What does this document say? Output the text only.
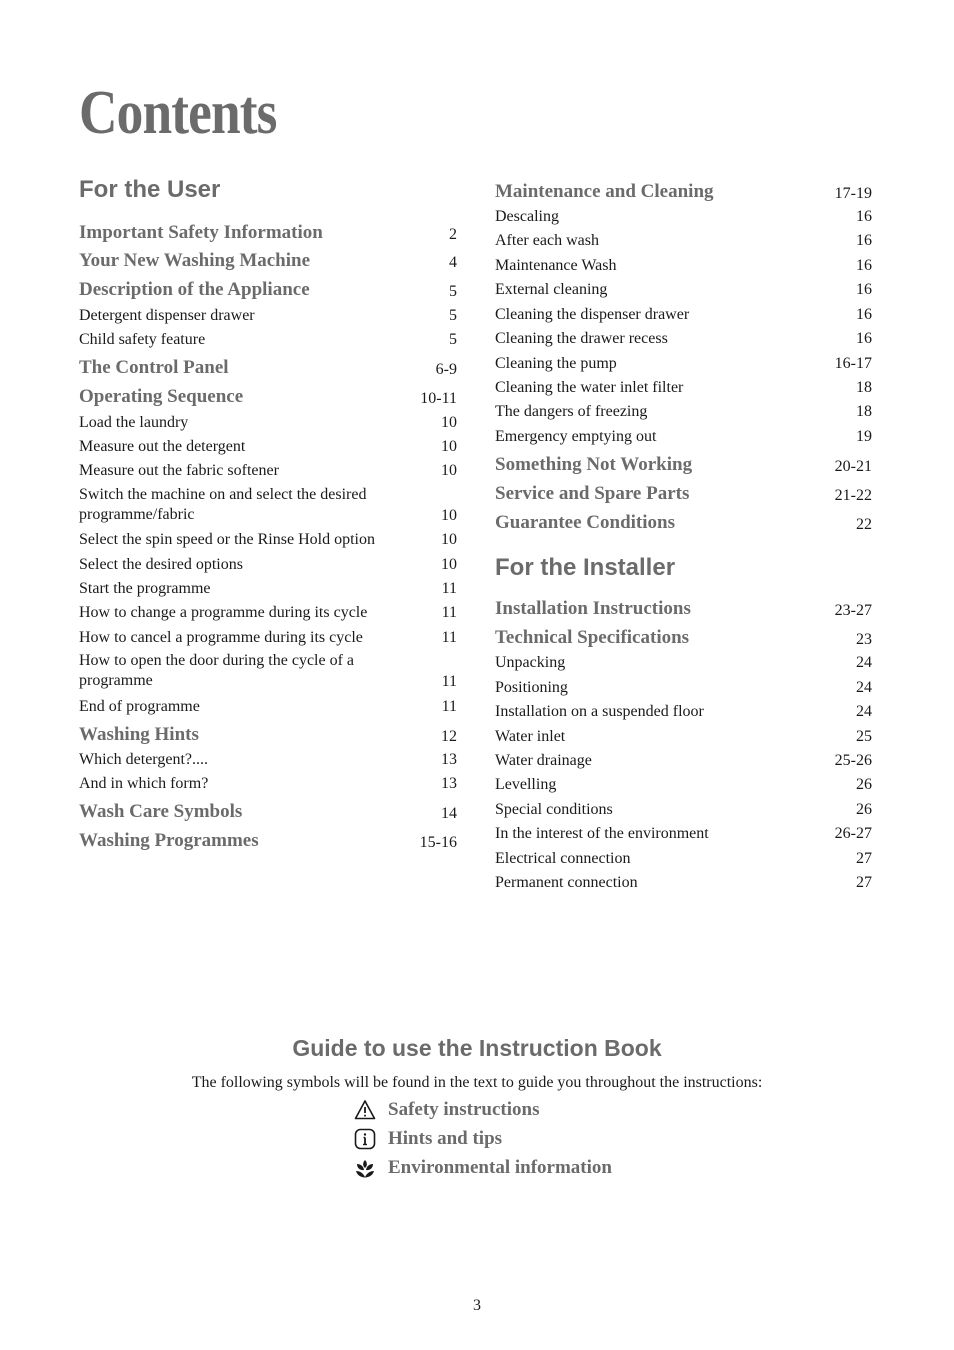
Contents
For the User
Important Safety Information	2
Your New Washing Machine	4
Description of the Appliance	5
Detergent dispenser drawer	5
Child safety feature	5
The Control Panel	6-9
Operating Sequence	10-11
Load the laundry	10
Measure out the detergent	10
Measure out the fabric softener	10
Switch the machine on and select the desired programme/fabric	10
Select the spin speed or the Rinse Hold option	10
Select the desired options	10
Start the programme	11
How to change a programme during its cycle	11
How to cancel a programme during its cycle	11
How to open the door during the cycle of a programme	11
End of programme	11
Washing Hints	12
Which detergent?....	13
And in which form?	13
Wash Care Symbols	14
Washing Programmes	15-16
Maintenance and Cleaning	17-19
Descaling	16
After each wash	16
Maintenance Wash	16
External cleaning	16
Cleaning the dispenser drawer	16
Cleaning the drawer recess	16
Cleaning the pump	16-17
Cleaning the water inlet filter	18
The dangers of freezing	18
Emergency emptying out	19
Something Not Working	20-21
Service and Spare Parts	21-22
Guarantee Conditions	22
For the Installer
Installation Instructions	23-27
Technical Specifications	23
Unpacking	24
Positioning	24
Installation on a suspended floor	24
Water inlet	25
Water drainage	25-26
Levelling	26
Special conditions	26
In the interest of the environment	26-27
Electrical connection	27
Permanent connection	27
Guide to use the Instruction Book
The following symbols will be found in the text to guide you throughout the instructions:
Safety instructions
Hints and tips
Environmental information
3
